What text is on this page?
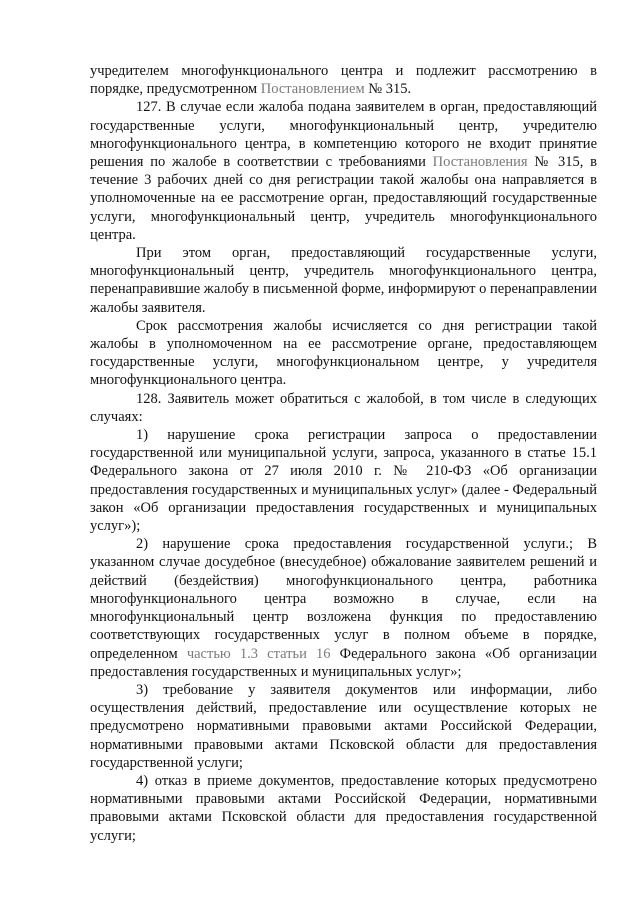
учредителем многофункционального центра и подлежит рассмотрению в порядке, предусмотренном Постановлением № 315.

127. В случае если жалоба подана заявителем в орган, предоставляющий государственные услуги, многофункциональный центр, учредителю многофункционального центра, в компетенцию которого не входит принятие решения по жалобе в соответствии с требованиями Постановления № 315, в течение 3 рабочих дней со дня регистрации такой жалобы она направляется в уполномоченные на ее рассмотрение орган, предоставляющий государственные услуги, многофункциональный центр, учредитель многофункционального центра.

При этом орган, предоставляющий государственные услуги, многофункциональный центр, учредитель многофункционального центра, перенаправившие жалобу в письменной форме, информируют о перенаправлении жалобы заявителя.

Срок рассмотрения жалобы исчисляется со дня регистрации такой жалобы в уполномоченном на ее рассмотрение органе, предоставляющем государственные услуги, многофункциональном центре, у учредителя многофункционального центра.

128. Заявитель может обратиться с жалобой, в том числе в следующих случаях:

1) нарушение срока регистрации запроса о предоставлении государственной или муниципальной услуги, запроса, указанного в статье 15.1 Федерального закона от 27 июля 2010 г. № 210-ФЗ «Об организации предоставления государственных и муниципальных услуг» (далее - Федеральный закон «Об организации предоставления государственных и муниципальных услуг»);

2) нарушение срока предоставления государственной услуги.; В указанном случае досудебное (внесудебное) обжалование заявителем решений и действий (бездействия) многофункционального центра, работника многофункционального центра возможно в случае, если на многофункциональный центр возложена функция по предоставлению соответствующих государственных услуг в полном объеме в порядке, определенном частью 1.3 статьи 16 Федерального закона «Об организации предоставления государственных и муниципальных услуг»;

3) требование у заявителя документов или информации, либо осуществления действий, предоставление или осуществление которых не предусмотрено нормативными правовыми актами Российской Федерации, нормативными правовыми актами Псковской области для предоставления государственной услуги;

4) отказ в приеме документов, предоставление которых предусмотрено нормативными правовыми актами Российской Федерации, нормативными правовыми актами Псковской области для предоставления государственной услуги;
